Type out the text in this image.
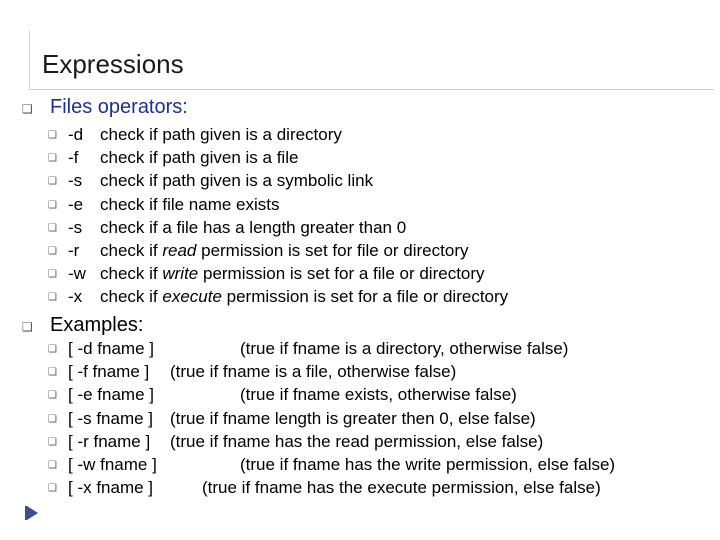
Expressions
❑ Files operators:
❑ -d check if path given is a directory
❑ -f check if path given is a file
❑ -s check if path given is a symbolic link
❑ -e check if file name exists
❑ -s check if a file has a length greater than 0
❑ -r check if read permission is set for file or directory
❑ -w check if write permission is set for a file or directory
❑ -x check if execute permission is set for a file or directory
❑ Examples:
❑ [ -d fname ]	(true if fname is a directory, otherwise false)
❑ [ -f fname ] (true if fname is a file, otherwise false)
❑ [ -e fname ]	(true if fname exists, otherwise false)
❑ [ -s fname ] (true if fname length is greater then 0, else false)
❑ [ -r fname ] (true if fname has the read permission, else false)
❑ [ -w fname ]	(true if fname has the write permission, else false)
❑ [ -x fname ]	(true if fname has the execute permission, else false)
